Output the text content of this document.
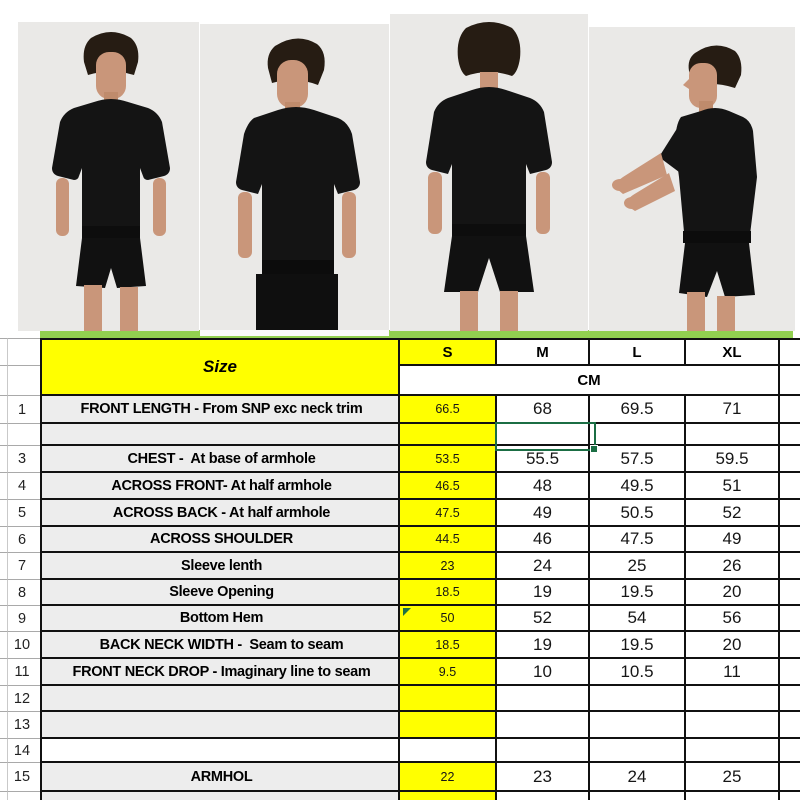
Size
S	M	L	XL
CM
1	FRONT LENGTH - From SNP exc neck trim	66.5	68	69.5	71
3	CHEST -  At base of armhole	53.5	55.5	57.5	59.5
4	ACROSS FRONT- At half armhole	46.5	48	49.5	51
5	ACROSS BACK - At half armhole	47.5	49	50.5	52
6	ACROSS SHOULDER	44.5	46	47.5	49
7	Sleeve lenth	23	24	25	26
8	Sleeve Opening	18.5	19	19.5	20
9	Bottom Hem	50	52	54	56
10	BACK NECK WIDTH -  Seam to seam	18.5	19	19.5	20
11	FRONT NECK DROP - Imaginary line to seam	9.5	10	10.5	11
12
13
14
15	ARMHOL	22	23	24	25
